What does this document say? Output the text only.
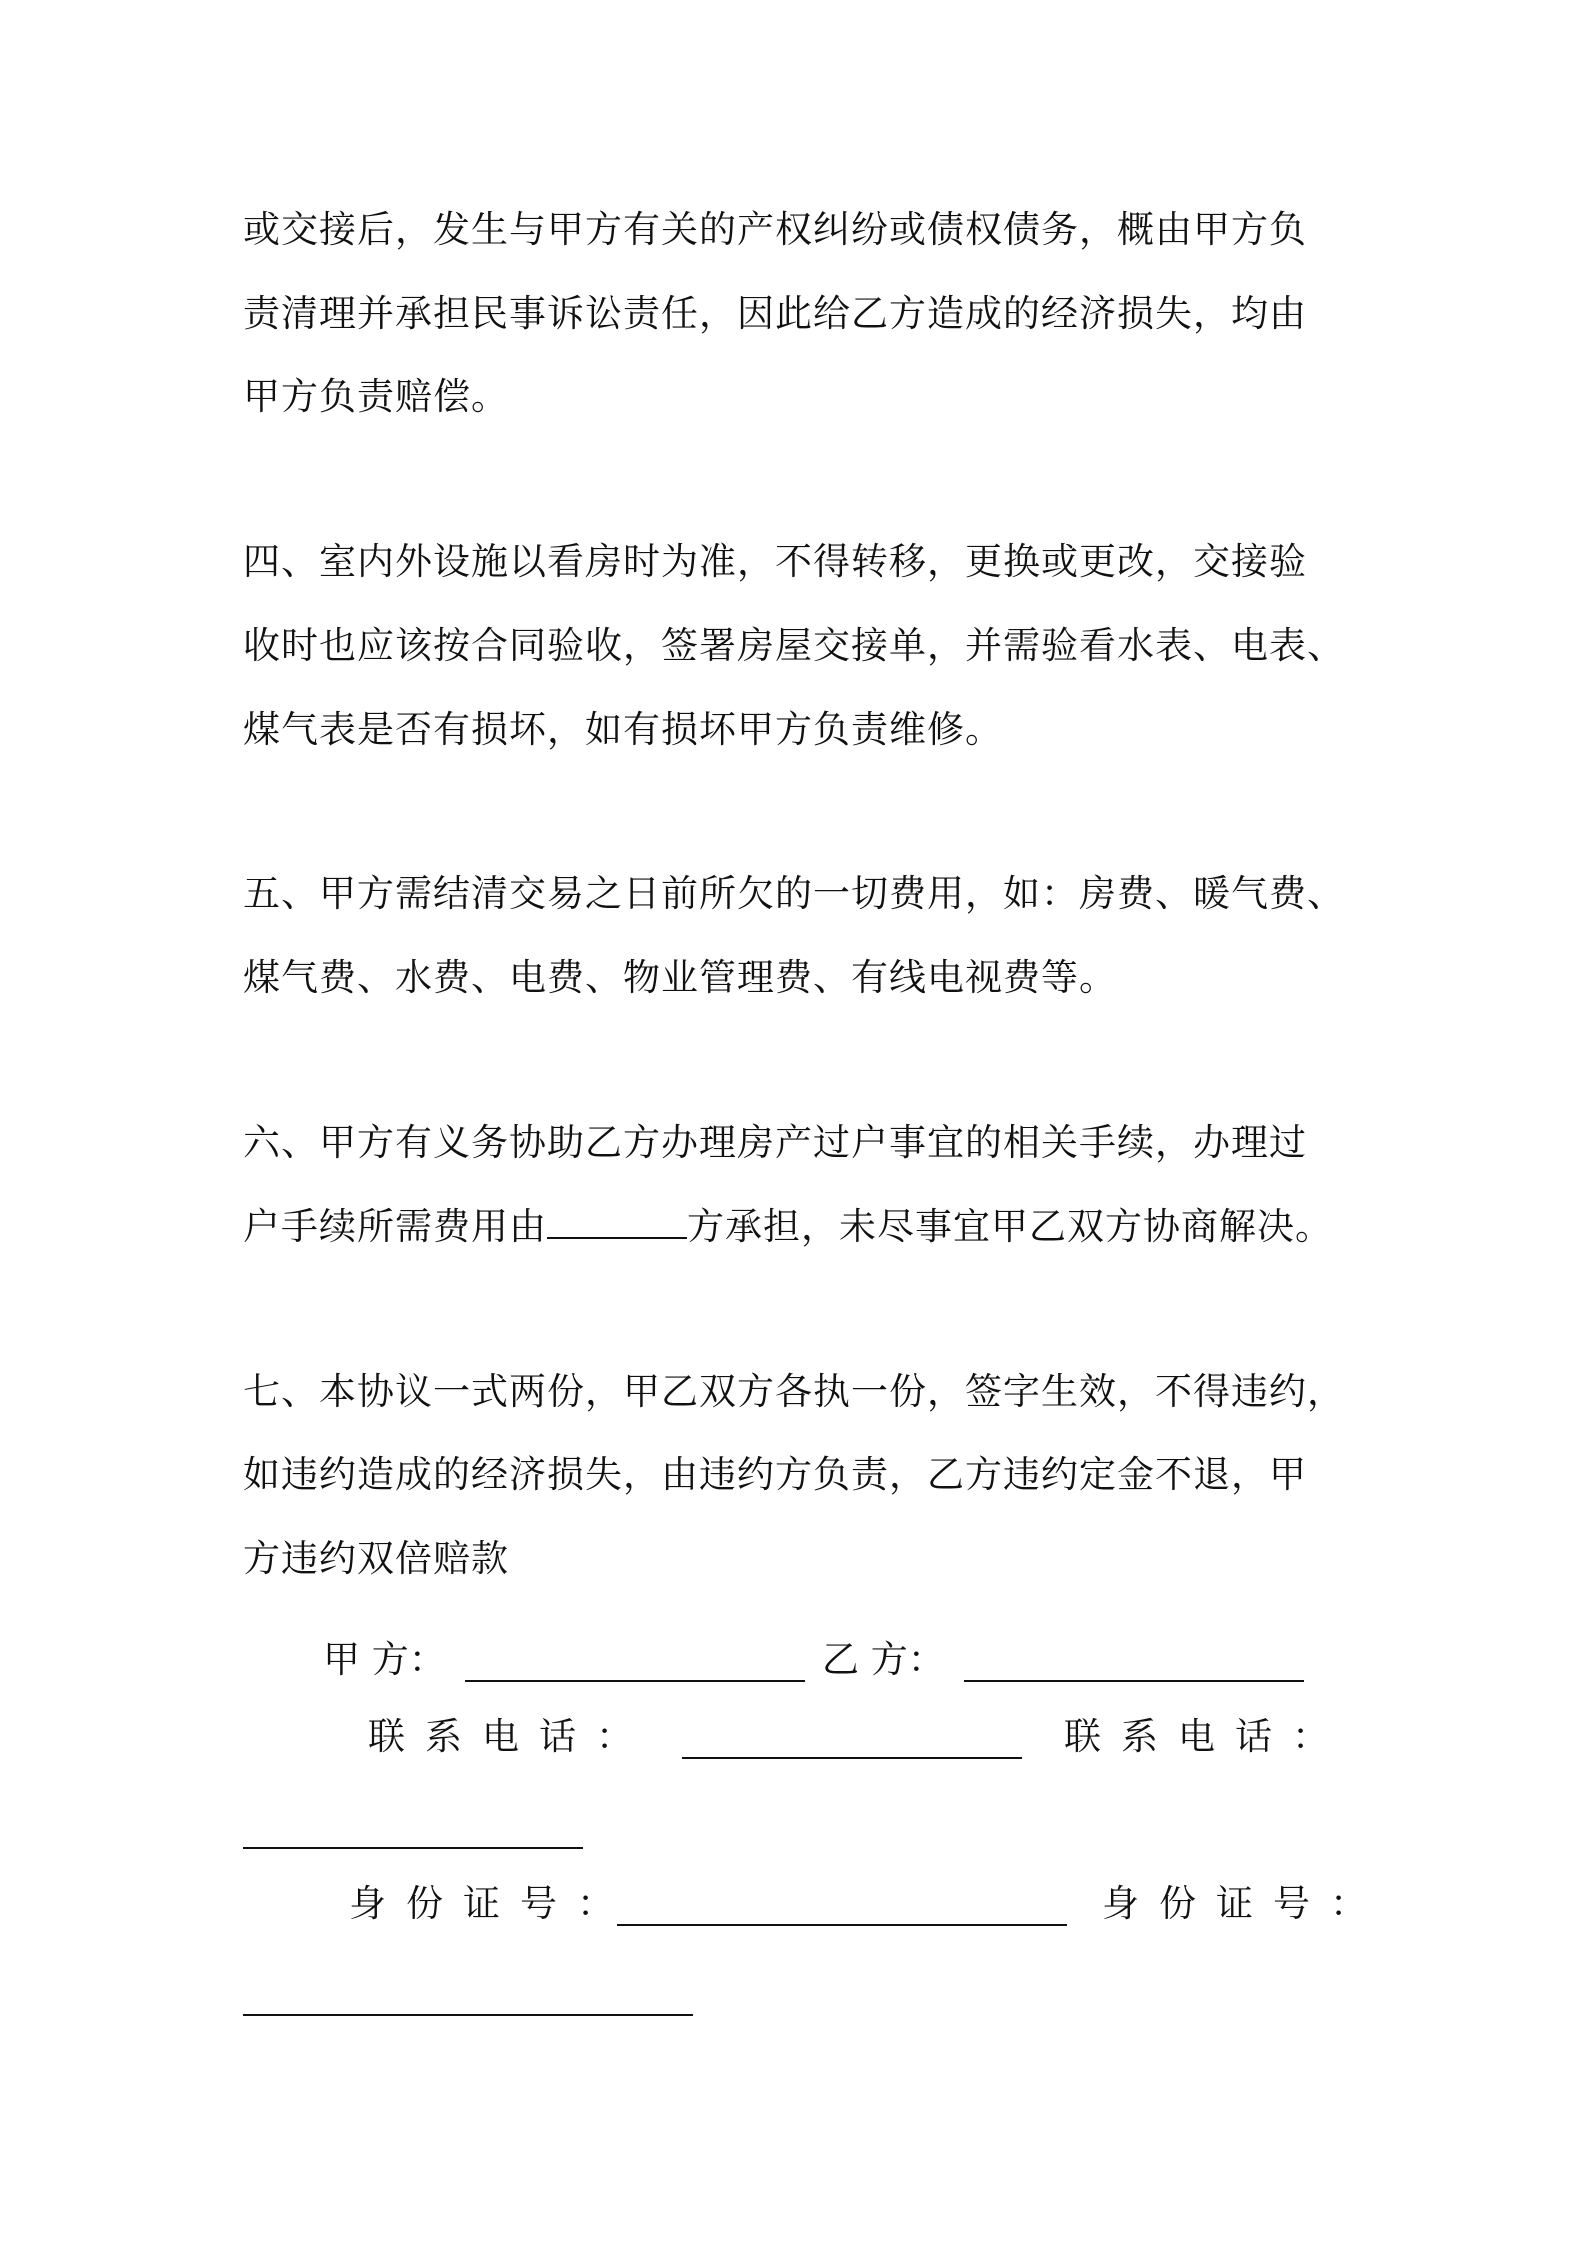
或交接后，发生与甲方有关的产权纠纷或债权债务，概由甲方负
责清理并承担民事诉讼责任，因此给乙方造成的经济损失，均由
甲方负责赔偿。
四、室内外设施以看房时为准，不得转移，更换或更改，交接验
收时也应该按合同验收，签署房屋交接单，并需验看水表、电表、
煤气表是否有损坏，如有损坏甲方负责维修。
五、甲方需结清交易之日前所欠的一切费用，如：房费、暖气费、
煤气费、水费、电费、物业管理费、有线电视费等。
六、甲方有义务协助乙方办理房产过户事宜的相关手续，办理过
户手续所需费用由	方承担，未尽事宜甲乙双方协商解决。
七、本协议一式两份，甲乙双方各执一份，签字生效，不得违约，
如违约造成的经济损失，由违约方负责，乙方违约定金不退，甲
方违约双倍赔款
甲 方：	乙 方：
联系电话：	联系电话：
身份证号：	身份证号：
